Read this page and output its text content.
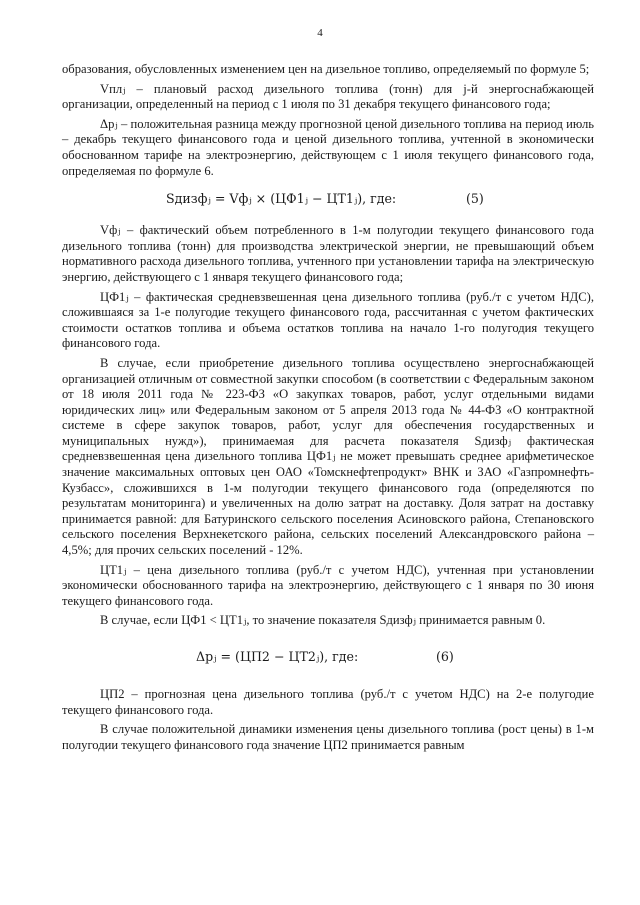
4

образования, обусловленных изменением цен на дизельное топливо, определяемый по формуле 5;

Vплⱼ – плановый расход дизельного топлива (тонн) для j-й энергоснабжающей организации, определенный на период с 1 июля по 31 декабря текущего финансового года;

Δpⱼ – положительная разница между прогнозной ценой дизельного топлива на период июль – декабрь текущего финансового года и ценой дизельного топлива, учтенной в экономически обоснованном тарифе на электроэнергию, действующем с 1 июля текущего финансового года, определяемая по формуле 6.

Sдизфⱼ = Vфⱼ × (ЦФ1ⱼ − ЦТ1ⱼ), где:	(5)

Vфⱼ – фактический объем потребленного в 1-м полугодии текущего финансового года дизельного топлива (тонн) для производства электрической энергии, не превышающий объем нормативного расхода дизельного топлива, учтенного при установлении тарифа на электрическую энергию, действующего с 1 января текущего финансового года;

ЦФ1ⱼ – фактическая средневзвешенная цена дизельного топлива (руб./т с учетом НДС), сложившаяся за 1-е полугодие текущего финансового года, рассчитанная с учетом фактических стоимости остатков топлива и объема остатков топлива на начало 1-го полугодия текущего финансового года.

В случае, если приобретение дизельного топлива осуществлено энергоснабжающей организацией отличным от совместной закупки способом (в соответствии с Федеральным законом от 18 июля 2011 года № 223-ФЗ «О закупках товаров, работ, услуг отдельными видами юридических лиц» или Федеральным законом от 5 апреля 2013 года № 44-ФЗ «О контрактной системе в сфере закупок товаров, работ, услуг для обеспечения государственных и муниципальных нужд»), принимаемая для расчета показателя Sдизфⱼ фактическая средневзвешенная цена дизельного топлива ЦФ1ⱼ не может превышать среднее арифметическое значение максимальных оптовых цен ОАО «Томскнефтепродукт» ВНК и ЗАО «Газпромнефть-Кузбасс», сложившихся в 1-м полугодии текущего финансового года (определяются по результатам мониторинга) и увеличенных на долю затрат на доставку. Доля затрат на доставку принимается равной: для Батуринского сельского поселения Асиновского района, Степановского сельского поселения Верхнекетского района, сельских поселений Александровского района – 4,5%; для прочих сельских поселений - 12%.

ЦТ1ⱼ – цена дизельного топлива (руб./т с учетом НДС), учтенная при установлении экономически обоснованного тарифа на электроэнергию, действующего с 1 января по 30 июня текущего финансового года.

В случае, если ЦФ1 < ЦТ1ⱼ, то значение показателя Sдизфⱼ принимается равным 0.

Δpⱼ = (ЦП2 − ЦТ2ⱼ), где:	(6)

ЦП2 – прогнозная цена дизельного топлива (руб./т с учетом НДС) на 2-е полугодие текущего финансового года.

В случае положительной динамики изменения цены дизельного топлива (рост цены) в 1-м полугодии текущего финансового года значение ЦП2 принимается равным
